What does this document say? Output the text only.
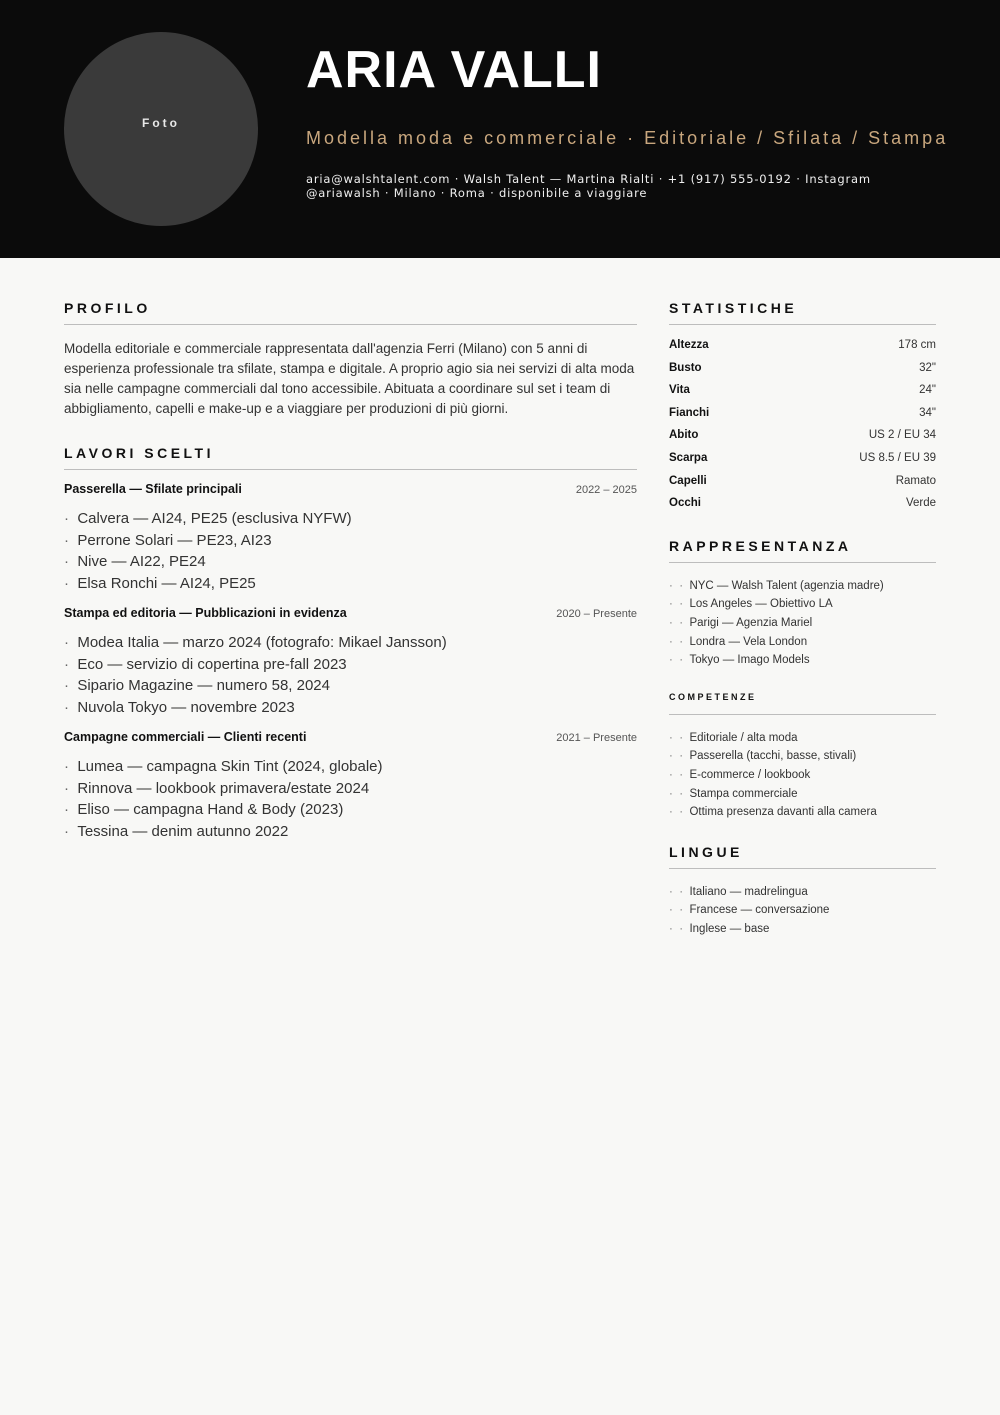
Foto
ARIA VALLI
Modella moda e commerciale · Editoriale / Sfilata / Stampa
aria@walshtalent.com · Walsh Talent — Martina Rialti · +1 (917) 555-0192 · Instagram @ariawalsh · Milano · Roma · disponibile a viaggiare
PROFILO

Modella editoriale e commerciale rappresentata dall'agenzia Ferri (Milano) con 5 anni di esperienza professionale tra sfilate, stampa e digitale. A proprio agio sia nei servizi di alta moda sia nelle campagne commerciali dal tono accessibile. Abituata a coordinare sul set i team di abbigliamento, capelli e make-up e a viaggiare per produzioni di più giorni.

LAVORI SCELTI
Passerella — Sfilate principali	2022 – 2025
·  Calvera — AI24, PE25 (esclusiva NYFW)
·  Perrone Solari — PE23, AI23
·  Nive — AI22, PE24
·  Elsa Ronchi — AI24, PE25
Stampa ed editoria — Pubblicazioni in evidenza	2020 – Presente
·  Modea Italia — marzo 2024 (fotografo: Mikael Jansson)
·  Eco — servizio di copertina pre-fall 2023
·  Sipario Magazine — numero 58, 2024
·  Nuvola Tokyo — novembre 2023
Campagne commerciali — Clienti recenti	2021 – Presente
·  Lumea — campagna Skin Tint (2024, globale)
·  Rinnova — lookbook primavera/estate 2024
·  Eliso — campagna Hand & Body (2023)
·  Tessina — denim autunno 2022
STATISTICHE
Altezza	178 cm
Busto	32"
Vita	24"
Fianchi	34"
Abito	US 2 / EU 34
Scarpa	US 8.5 / EU 39
Capelli	Ramato
Occhi	Verde
RAPPRESENTANZA
·  ·  NYC — Walsh Talent (agenzia madre)
·  ·  Los Angeles — Obiettivo LA
·  ·  Parigi — Agenzia Mariel
·  ·  Londra — Vela London
·  ·  Tokyo — Imago Models
COMPETENZE
·  ·  Editoriale / alta moda
·  ·  Passerella (tacchi, basse, stivali)
·  ·  E-commerce / lookbook
·  ·  Stampa commerciale
·  ·  Ottima presenza davanti alla camera
LINGUE
·  ·  Italiano — madrelingua
·  ·  Francese — conversazione
·  ·  Inglese — base
